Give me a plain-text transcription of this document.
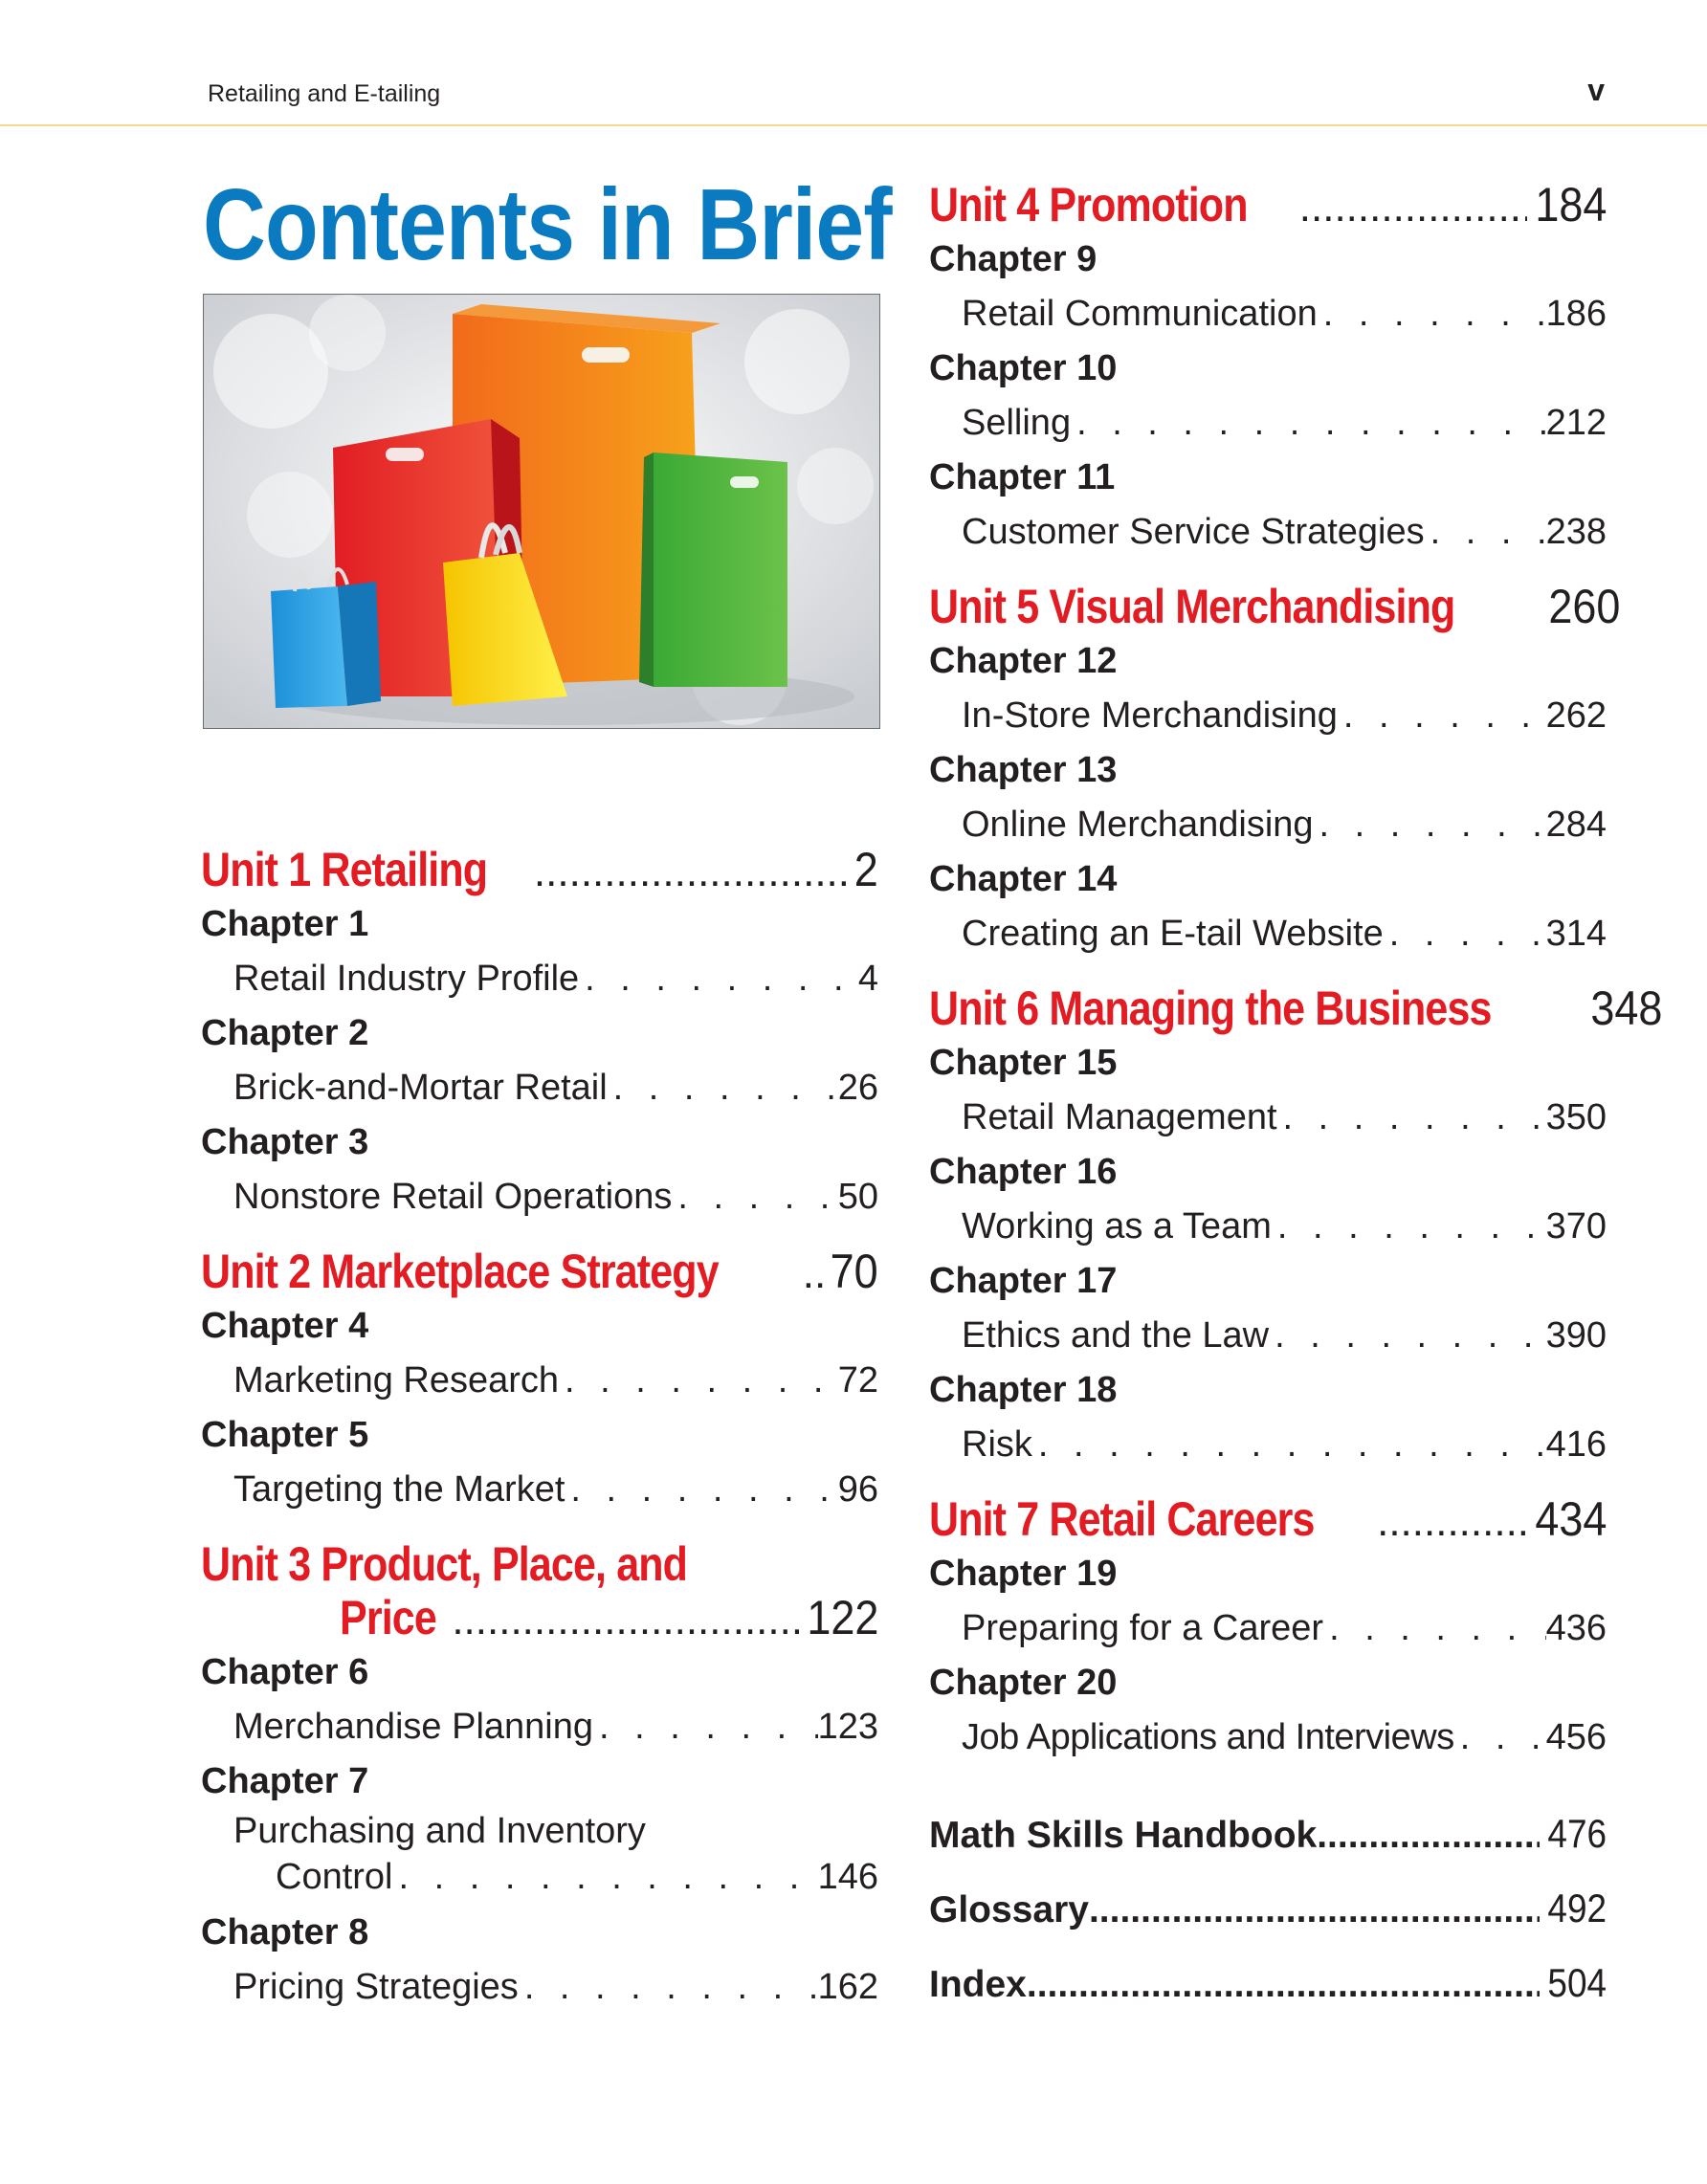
Retailing and E-tailing	v
Contents in Brief
Unit 1 Retailing .....	2
Chapter 1
Retail Industry Profile . . .	4
Chapter 2
Brick-and-Mortar Retail . . .	26
Chapter 3
Nonstore Retail Operations . . .	50
Unit 2 Marketplace Strategy ..... 70
Chapter 4
Marketing Research . . .	72
Chapter 5
Targeting the Market . . .	96
Unit 3 Product, Place, and
Price .....	122
Chapter 6
Merchandise Planning . . .	123
Chapter 7
Purchasing and Inventory
Control . . .	146
Chapter 8
Pricing Strategies . . .	162
Unit 4 Promotion .....	184
Chapter 9
Retail Communication . . .	186
Chapter 10
Selling . . .	212
Chapter 11
Customer Service Strategies . . .	238
Unit 5 Visual Merchandising 260
Chapter 12
In-Store Merchandising . . .	262
Chapter 13
Online Merchandising . . .	284
Chapter 14
Creating an E-tail Website . . .	314
Unit 6 Managing the Business 348
Chapter 15
Retail Management . . .	350
Chapter 16
Working as a Team . . .	370
Chapter 17
Ethics and the Law . . .	390
Chapter 18
Risk . . .	416
Unit 7 Retail Careers .....	434
Chapter 19
Preparing for a Career . . .	436
Chapter 20
Job Applications and Interviews . . .	456
Math Skills Handbook .....	476
Glossary .....	492
Index .....	504
